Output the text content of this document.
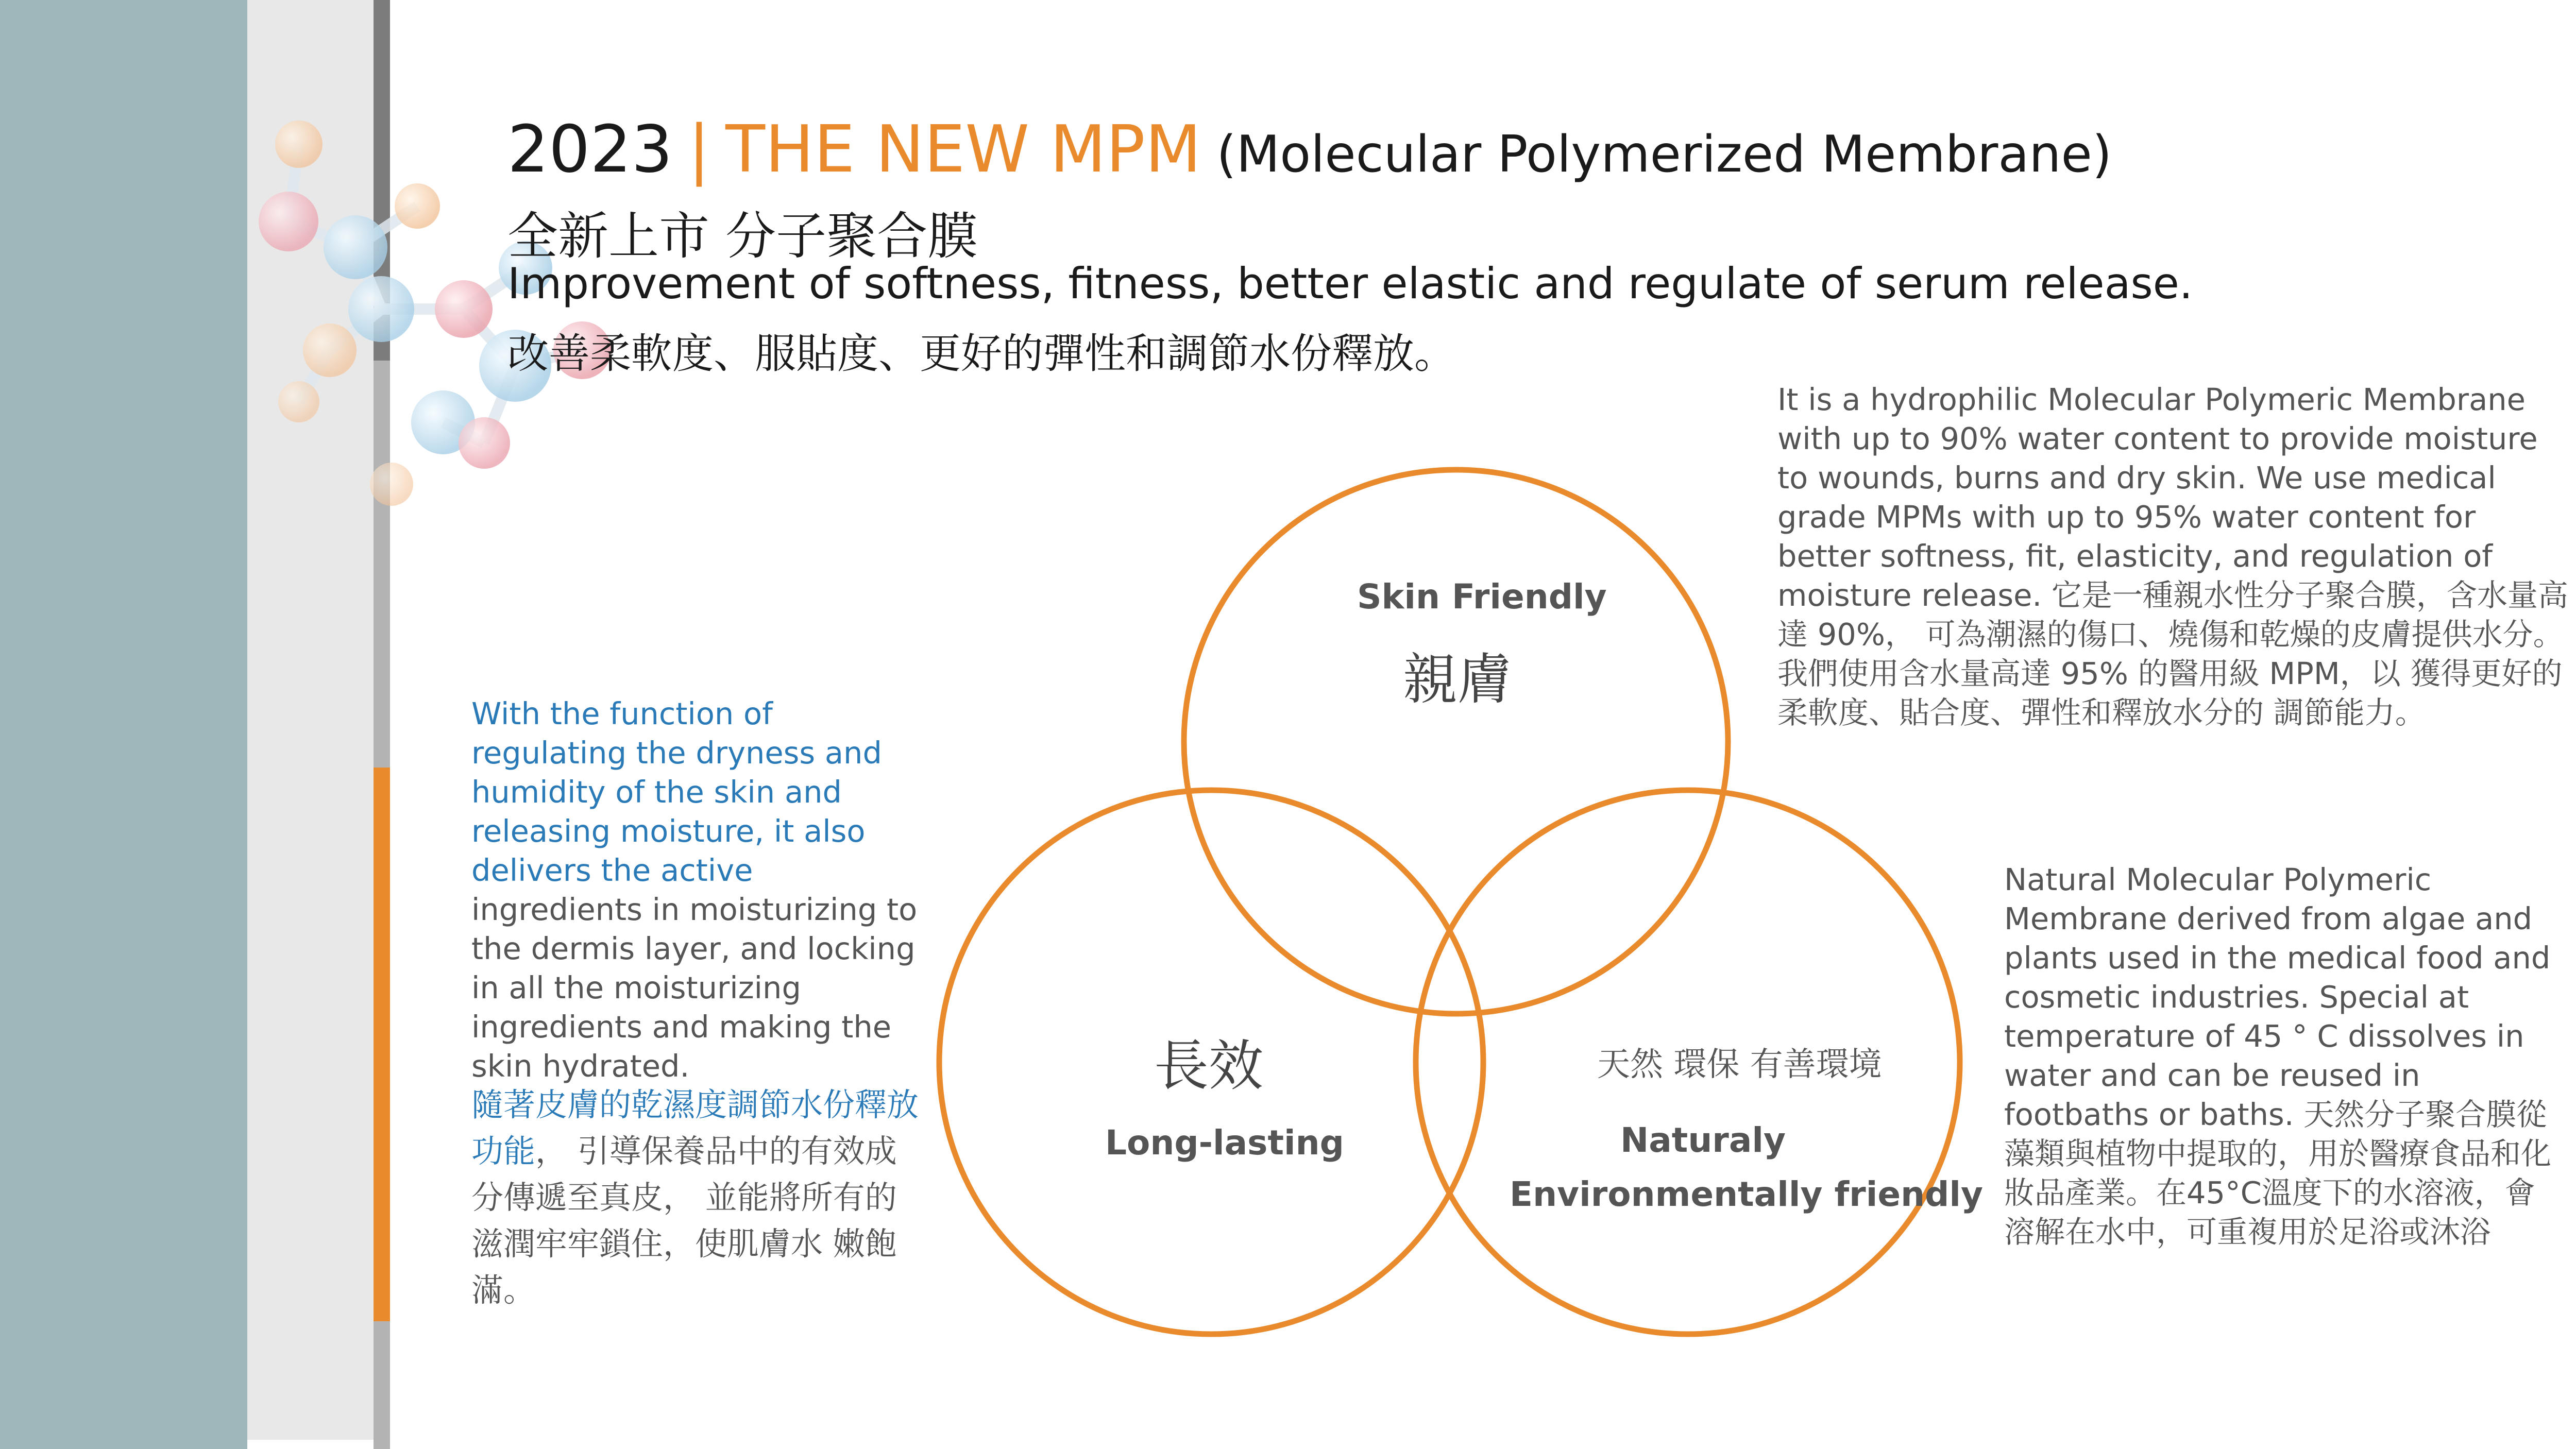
2023 | THE NEW MPM (Molecular Polymerized Membrane)
全新上市 分子聚合膜
Improvement of softness, fitness, better elastic and regulate of serum release.
改善柔軟度、服貼度、更好的彈性和調節水份釋放。
It is a hydrophilic Molecular Polymeric Membrane with up to 90% water content to provide moisture to wounds, burns and dry skin. We use medical grade MPMs with up to 95% water content for better softness, fit, elasticity, and regulation of moisture release. 它是一種親水性分子聚合膜，含水量高達 90%， 可為潮濕的傷口、燒傷和乾燥的皮膚提供水分。我們使用含水量高達 95% 的醫用級 MPM，以 獲得更好的柔軟度、貼合度、彈性和釋放水分的 調節能力。
Natural Molecular Polymeric Membrane derived from algae and plants used in the medical food and cosmetic industries. Special at temperature of 45 ° C dissolves in water and can be reused in footbaths or baths. 天然分子聚合膜從藻類與植物中提取的，用於醫療食品和化妝品產業。在45°C溫度下的水溶液，會溶解在水中，可重複用於足浴或沐浴
With the function of regulating the dryness and humidity of the skin and releasing moisture, it also delivers the active ingredients in moisturizing to the dermis layer, and locking in all the moisturizing ingredients and making the skin hydrated.
隨著皮膚的乾濕度調節水份釋放功能， 引導保養品中的有效成分傳遞至真皮， 並能將所有的滋潤牢牢鎖住，使肌膚水 嫩飽滿。
Skin Friendly
親膚
長效
Long-lasting
天然 環保 有善環境
Naturaly
Environmentally friendly
